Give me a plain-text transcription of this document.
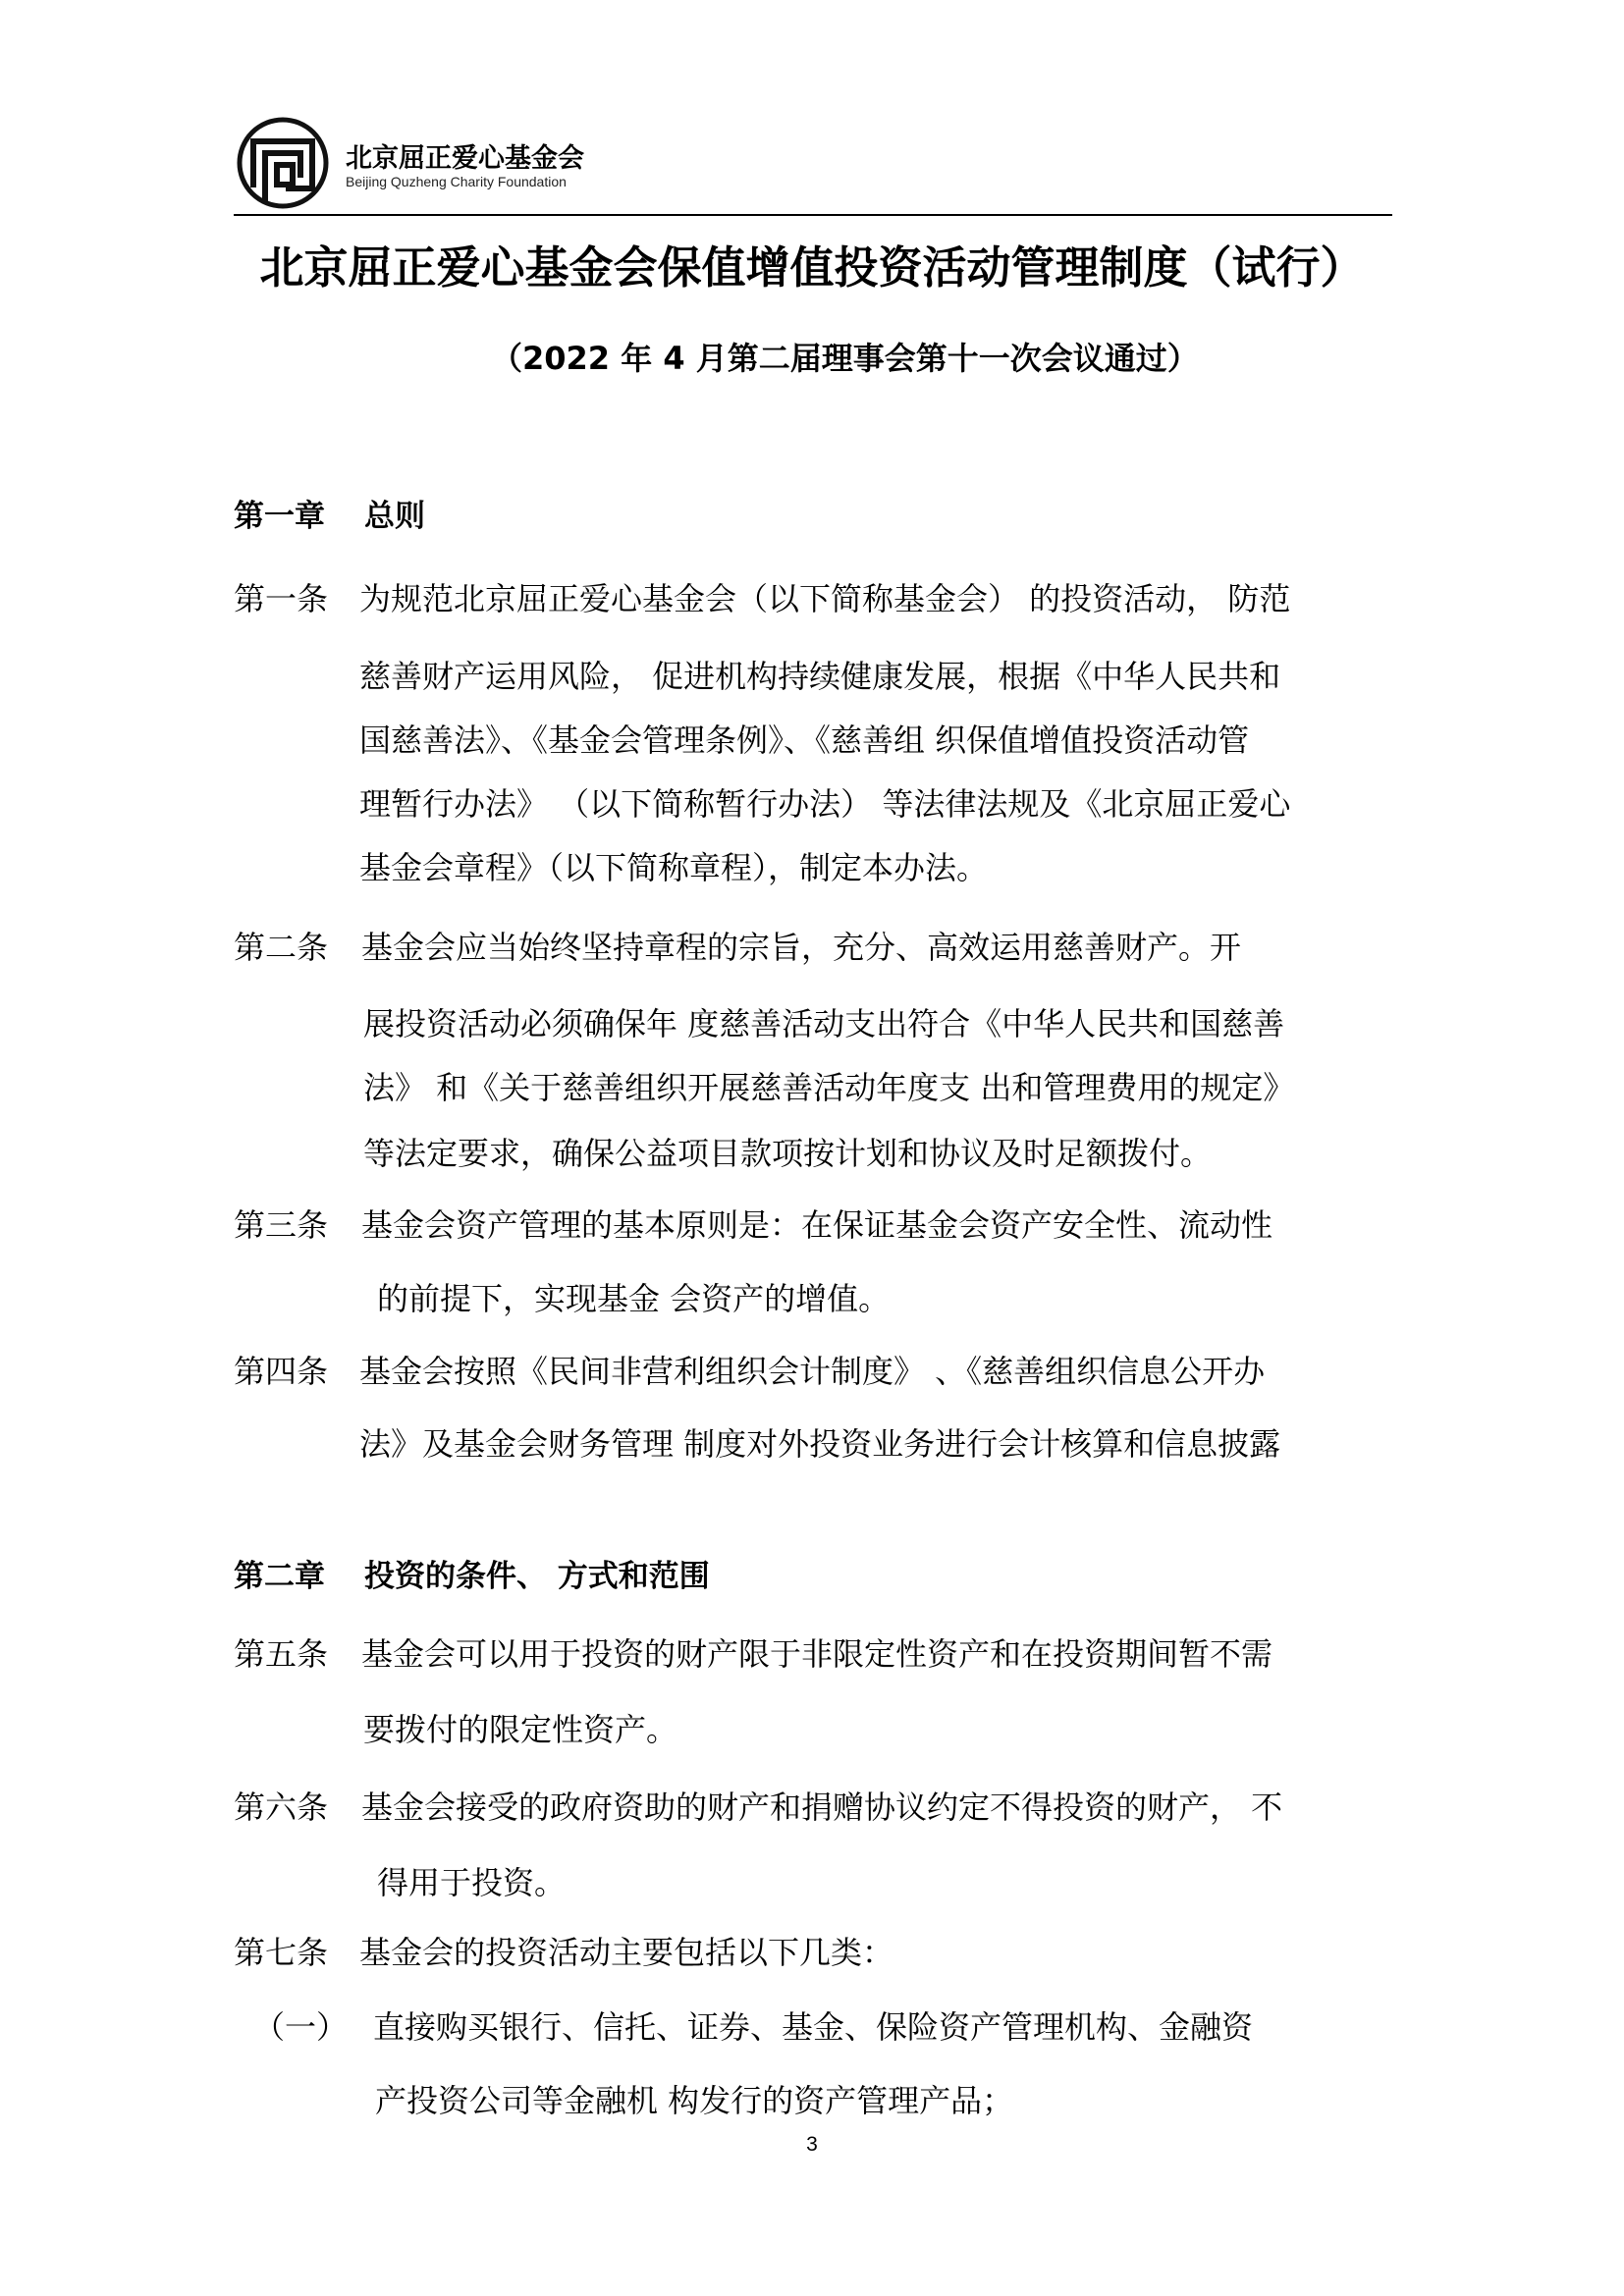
北京屈正爱心基金会
Beijing Quzheng Charity Foundation
北京屈正爱心基金会保值增值投资活动管理制度（试行）
（2022 年 4 月第二届理事会第十一次会议通过）
第一章 总则
第一条 为规范北京屈正爱心基金会（以下简称基金会） 的投资活动， 防范
慈善财产运用风险， 促进机构持续健康发展，根据《中华人民共和
国慈善法》、《基金会管理条例》、《慈善组 织保值增值投资活动管
理暂行办法》 （以下简称暂行办法） 等法律法规及《北京屈正爱心
基金会章程》（以下简称章程），制定本办法。
第二条 基金会应当始终坚持章程的宗旨，充分、高效运用慈善财产。开
展投资活动必须确保年 度慈善活动支出符合《中华人民共和国慈善
法》 和《关于慈善组织开展慈善活动年度支 出和管理费用的规定》
等法定要求，确保公益项目款项按计划和协议及时足额拨付。
第三条 基金会资产管理的基本原则是：在保证基金会资产安全性、流动性
的前提下，实现基金 会资产的增值。
第四条 基金会按照《民间非营利组织会计制度》 、《慈善组织信息公开办
法》及基金会财务管理 制度对外投资业务进行会计核算和信息披露
第二章 投资的条件、 方式和范围
第五条 基金会可以用于投资的财产限于非限定性资产和在投资期间暂不需
要拨付的限定性资产。
第六条 基金会接受的政府资助的财产和捐赠协议约定不得投资的财产， 不
得用于投资。
第七条 基金会的投资活动主要包括以下几类：
（一） 直接购买银行、信托、证券、基金、保险资产管理机构、金融资
产投资公司等金融机 构发行的资产管理产品；
3
